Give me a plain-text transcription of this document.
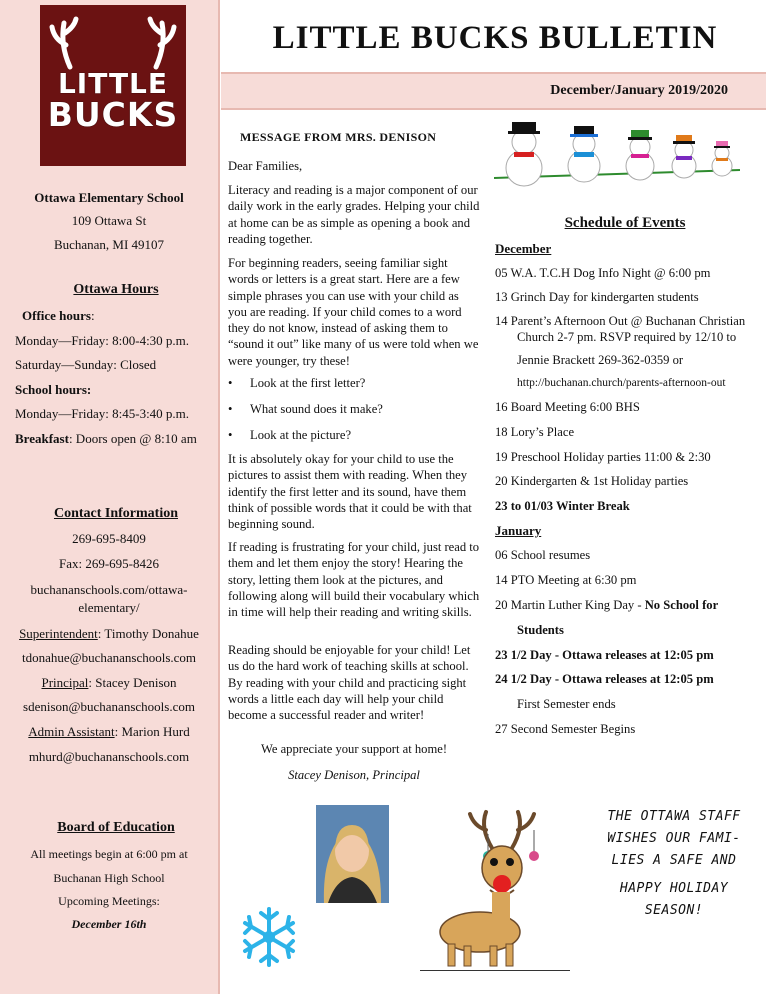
LITTLE
BUCKS
Ottawa Elementary School
109 Ottawa St
Buchanan, MI 49107
Ottawa Hours
Office hours:
Monday—Friday: 8:00-4:30 p.m.
Saturday—Sunday: Closed
School hours:
Monday—Friday: 8:45-3:40 p.m.
Breakfast: Doors open @ 8:10 am
Contact Information
269-695-8409
Fax: 269-695-8426
buchananschools.com/ottawa-
elementary/
Superintendent: Timothy Donahue
tdonahue@buchananschools.com
Principal: Stacey Denison
sdenison@buchananschools.com
Admin Assistant: Marion Hurd
mhurd@buchananschools.com
Board of Education
All meetings begin at 6:00 pm at
Buchanan High School
Upcoming Meetings:
December 16th
LITTLE BUCKS BULLETIN
December/January 2019/2020
MESSAGE FROM MRS. DENISON
Dear Families,
Literacy and reading is a major component of our daily work in the early grades. Helping your child at home can be as simple as opening a book and reading together.
For beginning readers, seeing familiar sight words or letters is a great start. Here are a few simple phrases you can use with your child as you are reading. If your child comes to a word they do not know, instead of asking them to “sound it out” like many of us were told when we were younger, try these!
• Look at the first letter?
• What sound does it make?
• Look at the picture?
It is absolutely okay for your child to use the pictures to assist them with reading. When they identify the first letter and its sound, have them think of possible words that it could be with that beginning sound.
If reading is frustrating for your child, just read to them and let them enjoy the story! Hearing the story, letting them look at the pictures, and following along will build their vocabulary which in time will help their reading and writing skills.
Reading should be enjoyable for your child! Let us do the hard work of teaching skills at school. By reading with your child and practicing sight words a little each day will help your child become a successful reader and writer!
We appreciate your support at home!
Stacey Denison, Principal
Schedule of Events
December
05 W.A. T.C.H Dog Info Night @ 6:00 pm
13 Grinch Day for kindergarten students
14 Parent’s Afternoon Out @ Buchanan Christian
Church 2-7 pm. RSVP required by 12/10 to
Jennie Brackett 269-362-0359 or
http://buchanan.church/parents-afternoon-out
16 Board Meeting 6:00 BHS
18 Lory’s Place
19 Preschool Holiday parties 11:00 & 2:30
20 Kindergarten & 1st Holiday parties
23 to 01/03 Winter Break
January
06 School resumes
14 PTO Meeting at 6:30 pm
20 Martin Luther King Day - No School for
Students
23 1/2 Day - Ottawa releases at 12:05 pm
24 1/2 Day - Ottawa releases at 12:05 pm
First Semester ends
27 Second Semester Begins
THE OTTAWA STAFF
WISHES OUR FAMI-
LIES A SAFE AND
HAPPY HOLIDAY
SEASON!
